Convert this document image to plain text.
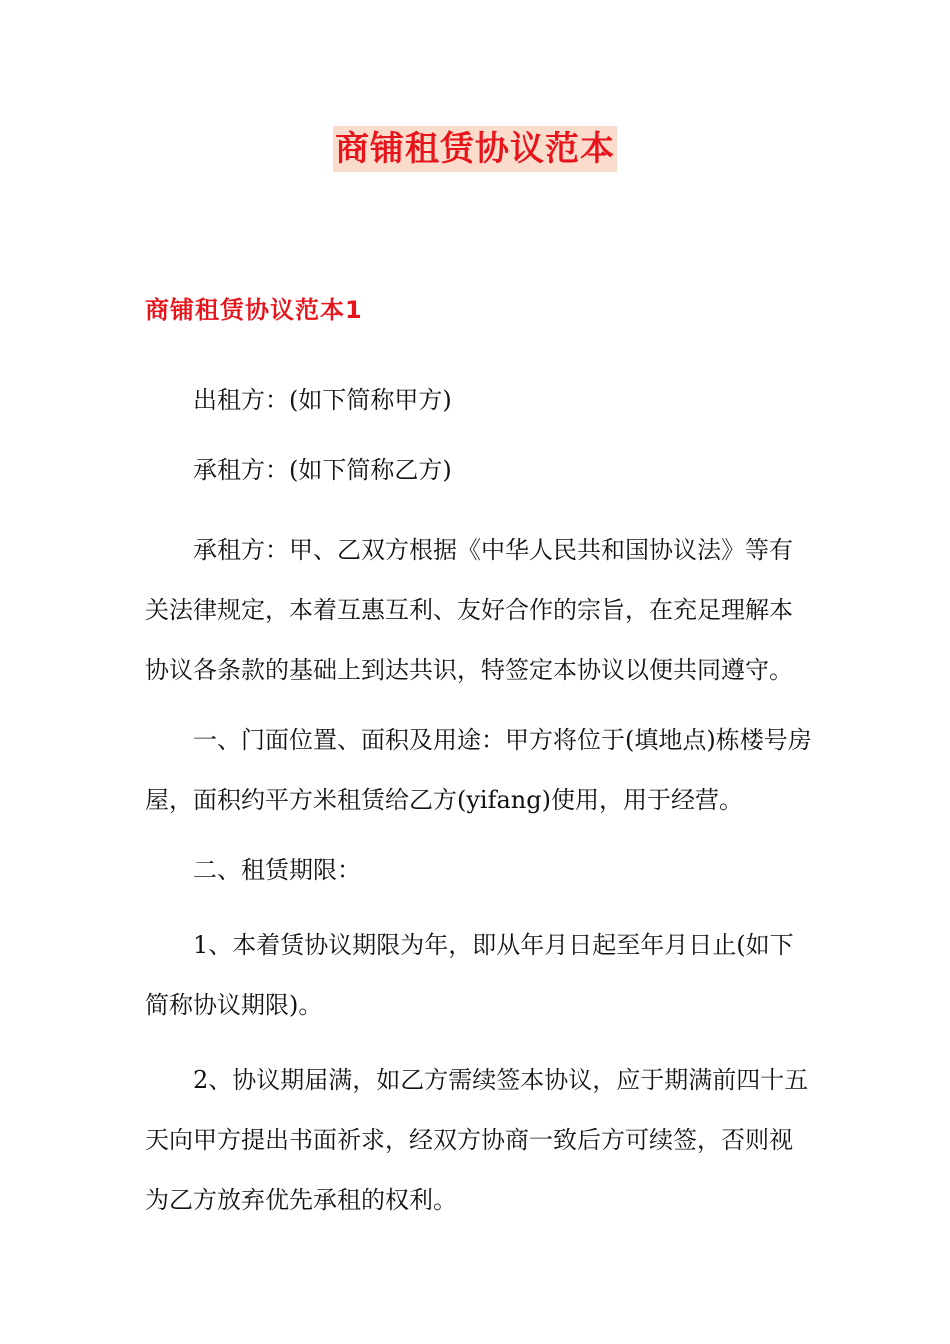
商铺租赁协议范本
商铺租赁协议范本1

出租方：(如下简称甲方)

承租方：(如下简称乙方)

承租方：甲、乙双方根据《中华人民共和国协议法》等有关法律规定，本着互惠互利、友好合作的宗旨，在充足理解本协议各条款的基础上到达共识，特签定本协议以便共同遵守。

一、门面位置、面积及用途：甲方将位于(填地点)栋楼号房屋，面积约平方米租赁给乙方(yifang)使用，用于经营。

二、租赁期限：

1、本着赁协议期限为年，即从年月日起至年月日止(如下简称协议期限)。

2、协议期届满，如乙方需续签本协议，应于期满前四十五天向甲方提出书面祈求，经双方协商一致后方可续签，否则视为乙方放弃优先承租的权利。
